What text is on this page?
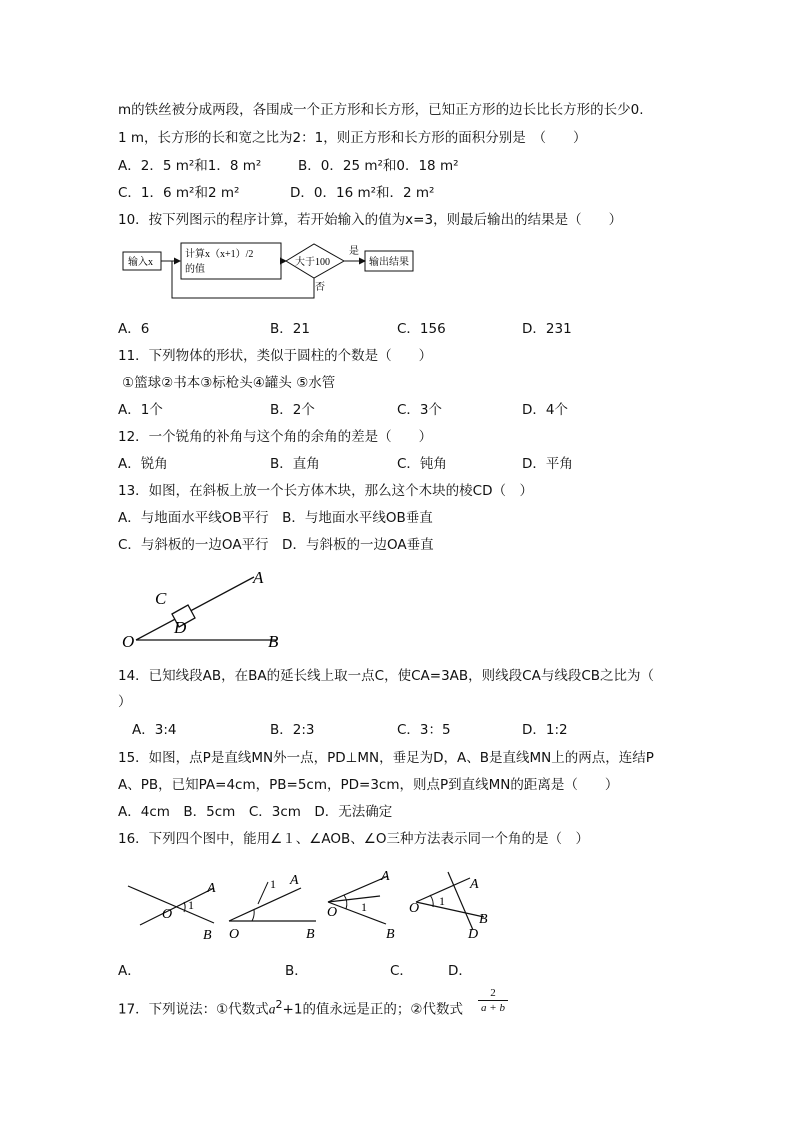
m的铁丝被分成两段，各围成一个正方形和长方形，已知正方形的边长比长方形的长少0.
1 m，长方形的长和宽之比为2：1，则正方形和长方形的面积分别是　（　　）
A．2．5 m²和1．8 m²	B．0．25 m²和0．18 m²
C．1．6 m²和2 m²	D．0．16 m²和．2 m²
10．按下列图示的程序计算，若开始输入的值为x=3，则最后输出的结果是（　　）
输入x
计算x（x+1）/2
的值
大于100
是
输出结果
否
A．6	B．21	C．156	D．231
11．下列物体的形状，类似于圆柱的个数是（　　）
①篮球②书本③标枪头④罐头 ⑤水管
A．1个	B．2个	C．3个	D．4个
12．一个锐角的补角与这个角的余角的差是（　　）
A．锐角	B．直角	C．钝角	D．平角
13．如图，在斜板上放一个长方体木块，那么这个木块的棱CD（　）
A．与地面水平线OB平行　B．与地面水平线OB垂直
C．与斜板的一边OA平行　D．与斜板的一边OA垂直
C
D
A
O	B
14．已知线段AB，在BA的延长线上取一点C，使CA=3AB，则线段CA与线段CB之比为（
）
A．3:4	B．2:3	C．3：5	D．1:2
15．如图，点P是直线MN外一点，PD⊥MN，垂足为D，A、B是直线MN上的两点，连结P
A、PB，已知PA=4cm，PB=5cm，PD=3cm，则点P到直线MN的距离是（　　）
A．4cm　B．5cm　C．3cm　D．无法确定
16．下列四个图中，能用∠１、∠AOB、∠O三种方法表示同一个角的是（　）
A
O
1
B
1 A
O	B
A
O 1
B
A
O 1
B
D
A．	B．	C．	D．
17．下列说法：①代数式$a^2+1$的值永远是正的；②代数式 $\frac{2}{a + b}$
